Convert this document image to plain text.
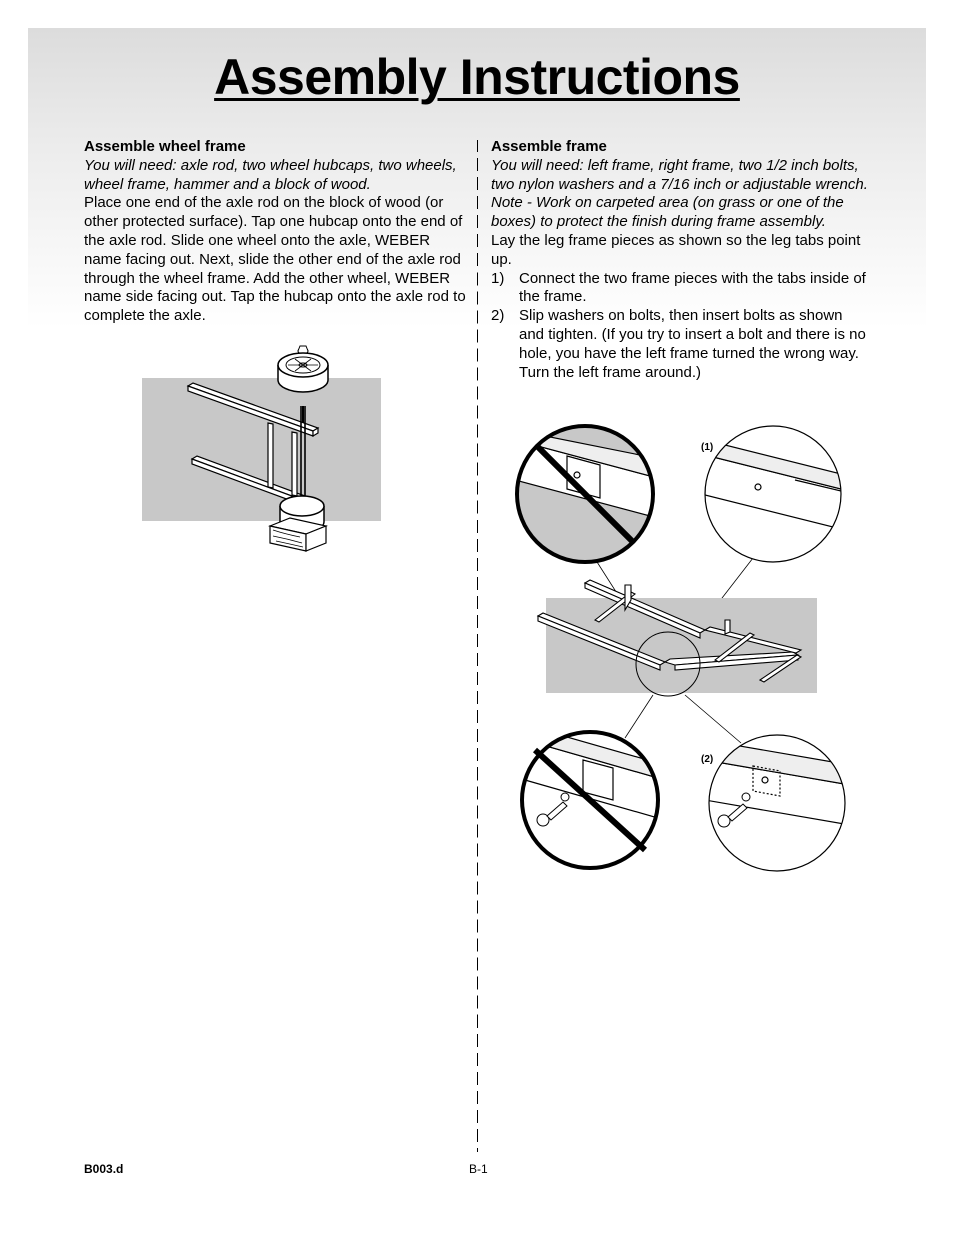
Assembly Instructions
Assemble wheel frame
You will need: axle rod, two wheel hubcaps, two wheels, wheel frame, hammer and a block of wood.
Place one end of the axle rod on the block of wood (or other protected surface). Tap one hubcap onto the end of the axle rod. Slide one wheel onto the axle, WEBER name facing out. Next, slide the other end of the axle rod through the wheel frame. Add the other wheel, WEBER name side facing out. Tap the hubcap onto the axle rod to complete the axle.
Assemble frame
You will need: left frame, right frame, two 1/2 inch bolts, two nylon washers and a 7/16 inch or adjustable wrench.
Note - Work on carpeted area (on grass or one of the boxes) to protect the finish during frame assembly.
Lay the leg frame pieces as shown so the leg tabs point up.
1) Connect the two frame pieces with the tabs inside of the frame.
2) Slip washers on bolts, then insert bolts as shown and tighten. (If you try to insert a bolt and there is no hole, you have the left frame turned the wrong way. Turn the left frame around.)
(1)
(2)
B003.d	B-1
